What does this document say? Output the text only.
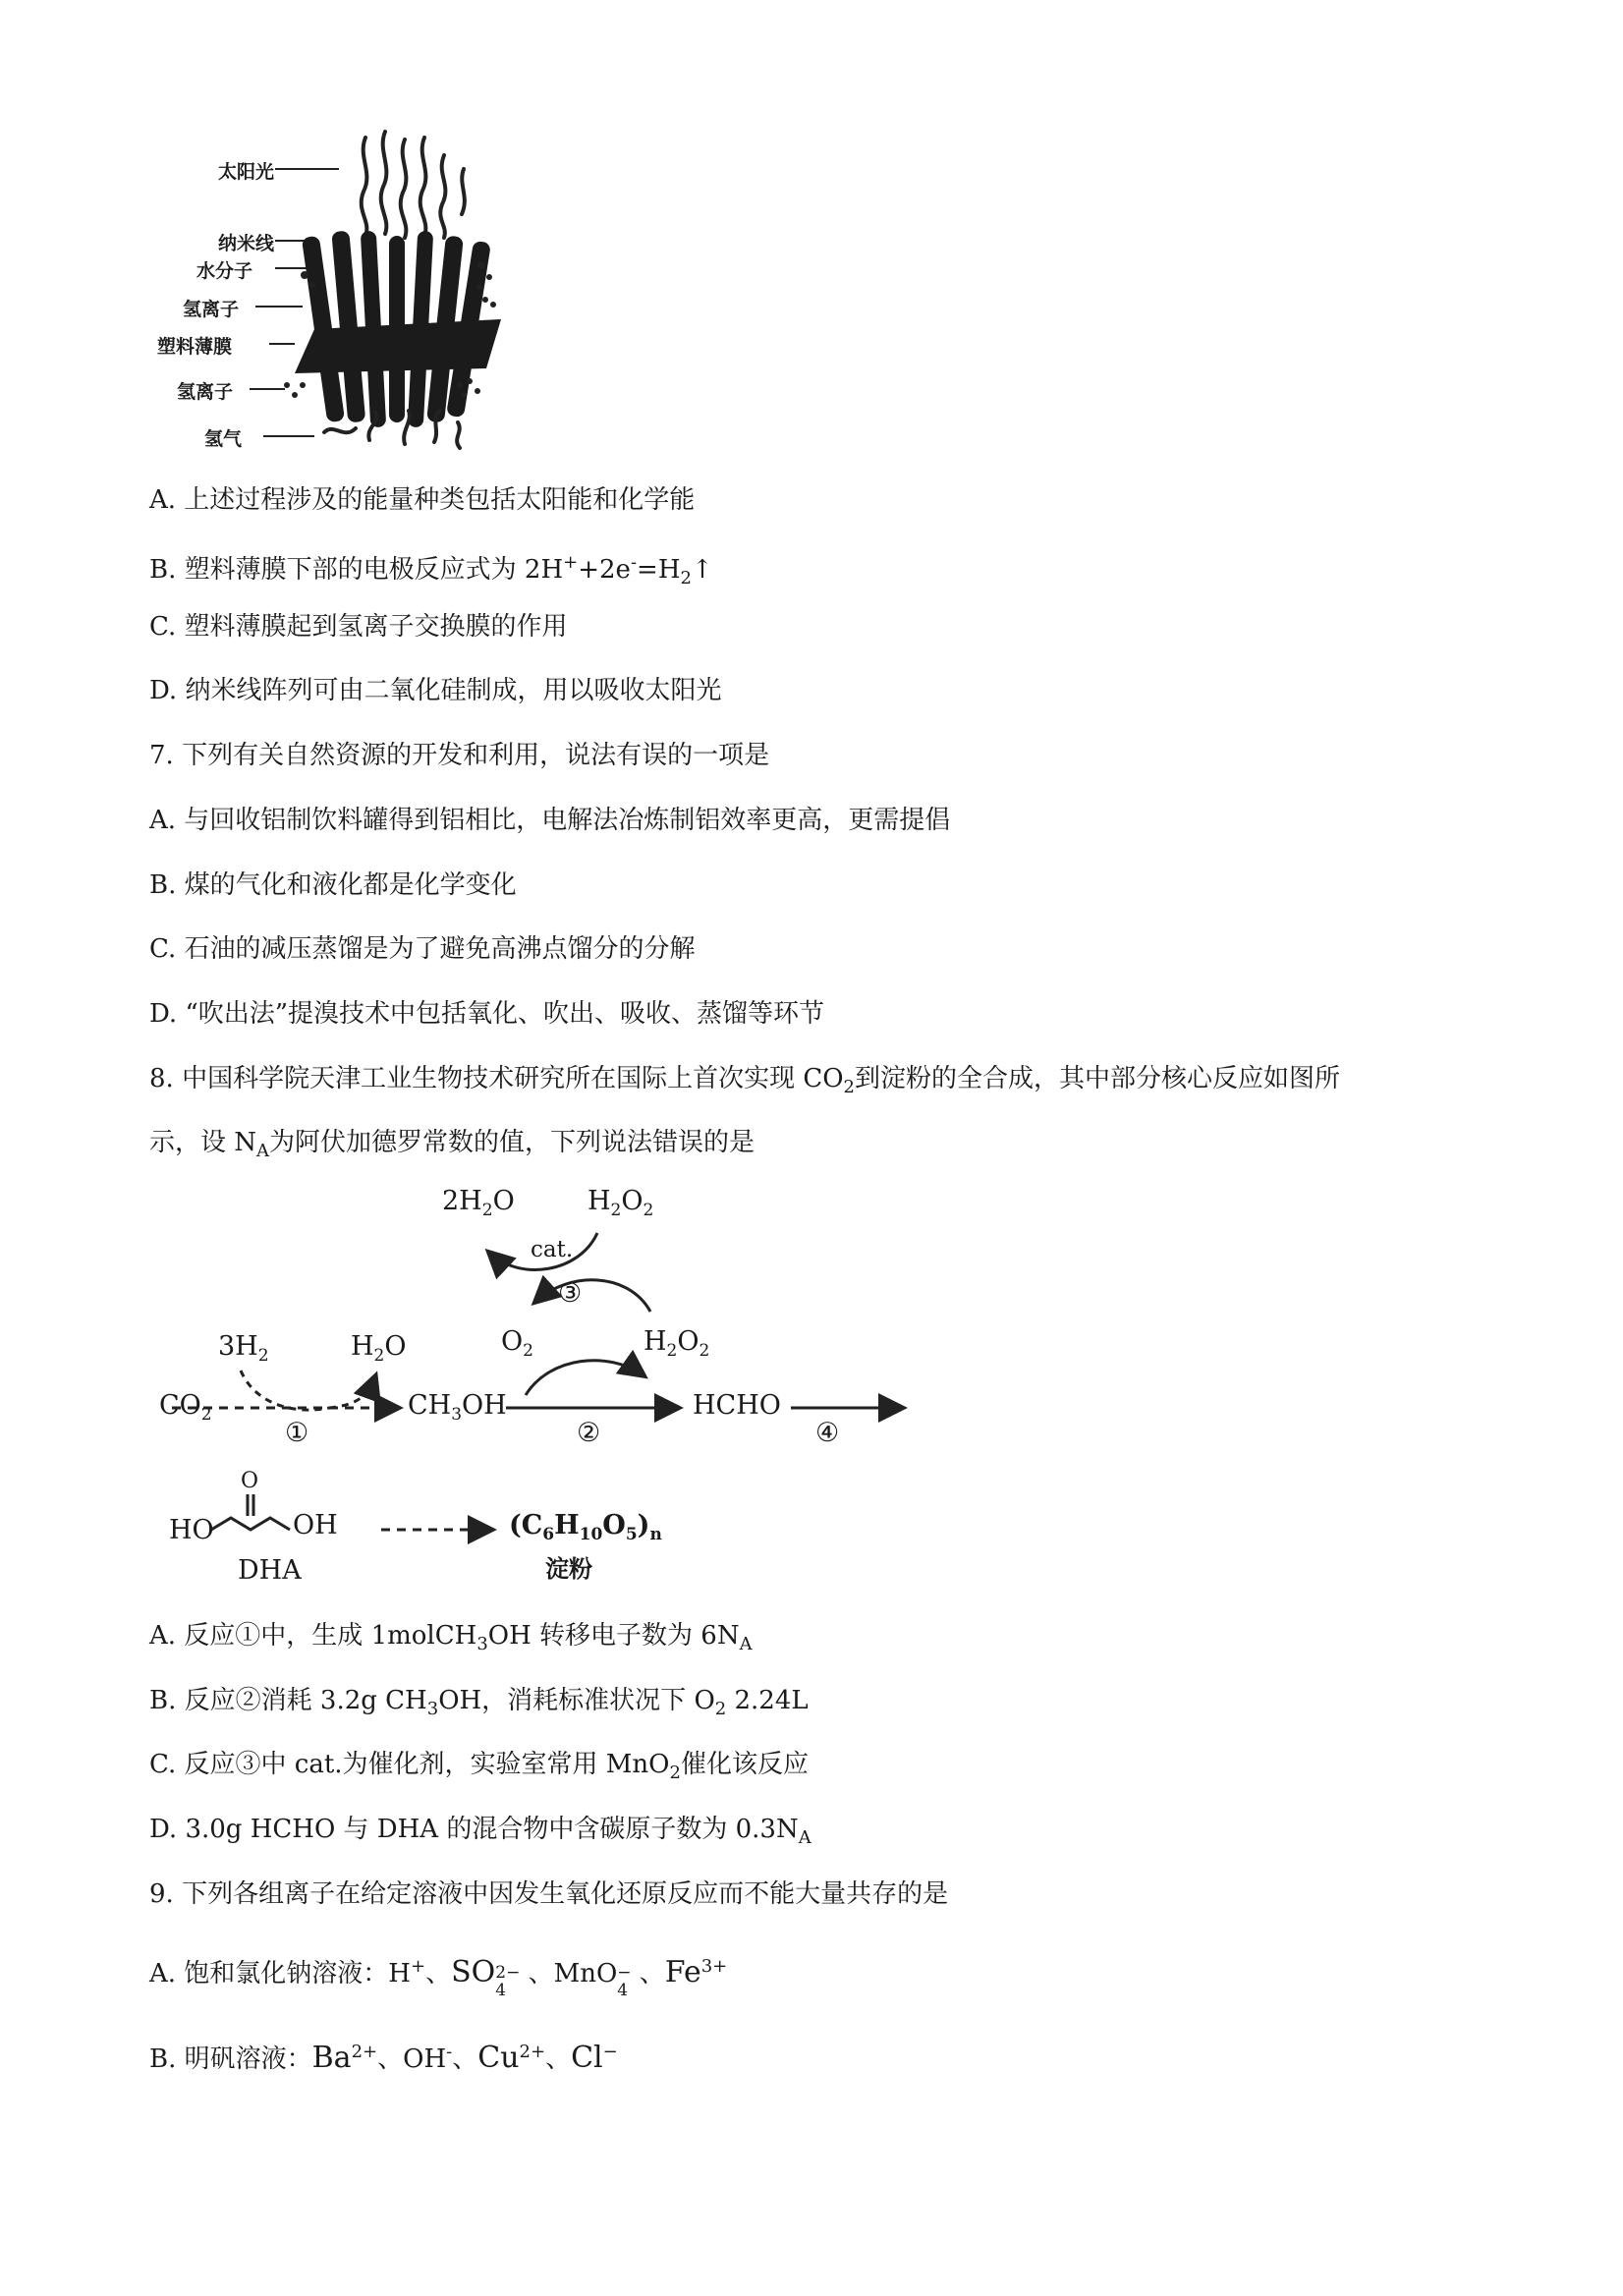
太阳光
纳米线
水分子
氢离子
塑料薄膜
氢离子
氢气
A. 上述过程涉及的能量种类包括太阳能和化学能
B. 塑料薄膜下部的电极反应式为 $2H^++2e^-=H_2↑$
C. 塑料薄膜起到氢离子交换膜的作用
D. 纳米线阵列可由二氧化硅制成，用以吸收太阳光
7. 下列有关自然资源的开发和利用，说法有误的一项是
A. 与回收铝制饮料罐得到铝相比，电解法冶炼制铝效率更高，更需提倡
B. 煤的气化和液化都是化学变化
C. 石油的减压蒸馏是为了避免高沸点馏分的分解
D. “吹出法”提溴技术中包括氧化、吹出、吸收、蒸馏等环节
8. 中国科学院天津工业生物技术研究所在国际上首次实现 $CO_2$到淀粉的全合成，其中部分核心反应如图所
示，设 $N_A$为阿伏加德罗常数的值，下列说法错误的是
$2H_2O$	$H_2O_2$
cat.
③
$3H_2$	$H_2O$	$O_2$	$H_2O_2$
$CO_2$	$CH_3OH$	HCHO
①	②	④
O
HO	OH
DHA
$(C_6H_{10}O_5)_n$
淀粉
A. 反应①中，生成 1molCH$_3$OH 转移电子数为 $6N_A$
B. 反应②消耗 3.2g $CH_3OH$，消耗标准状况下 $O_2$ 2.24L
C. 反应③中 cat.为催化剂，实验室常用 MnO$_2$催化该反应
D. 3.0g HCHO 与 DHA 的混合物中含碳原子数为 $0.3N_A$
9. 下列各组离子在给定溶液中因发生氧化还原反应而不能大量共存的是
A. 饱和氯化钠溶液：H+、SO 2−
4
、MnO −
4
、$Fe^{3+}$
B. 明矾溶液：$Ba^{2+}$、OH-、$Cu^{2+}$、Cl−
